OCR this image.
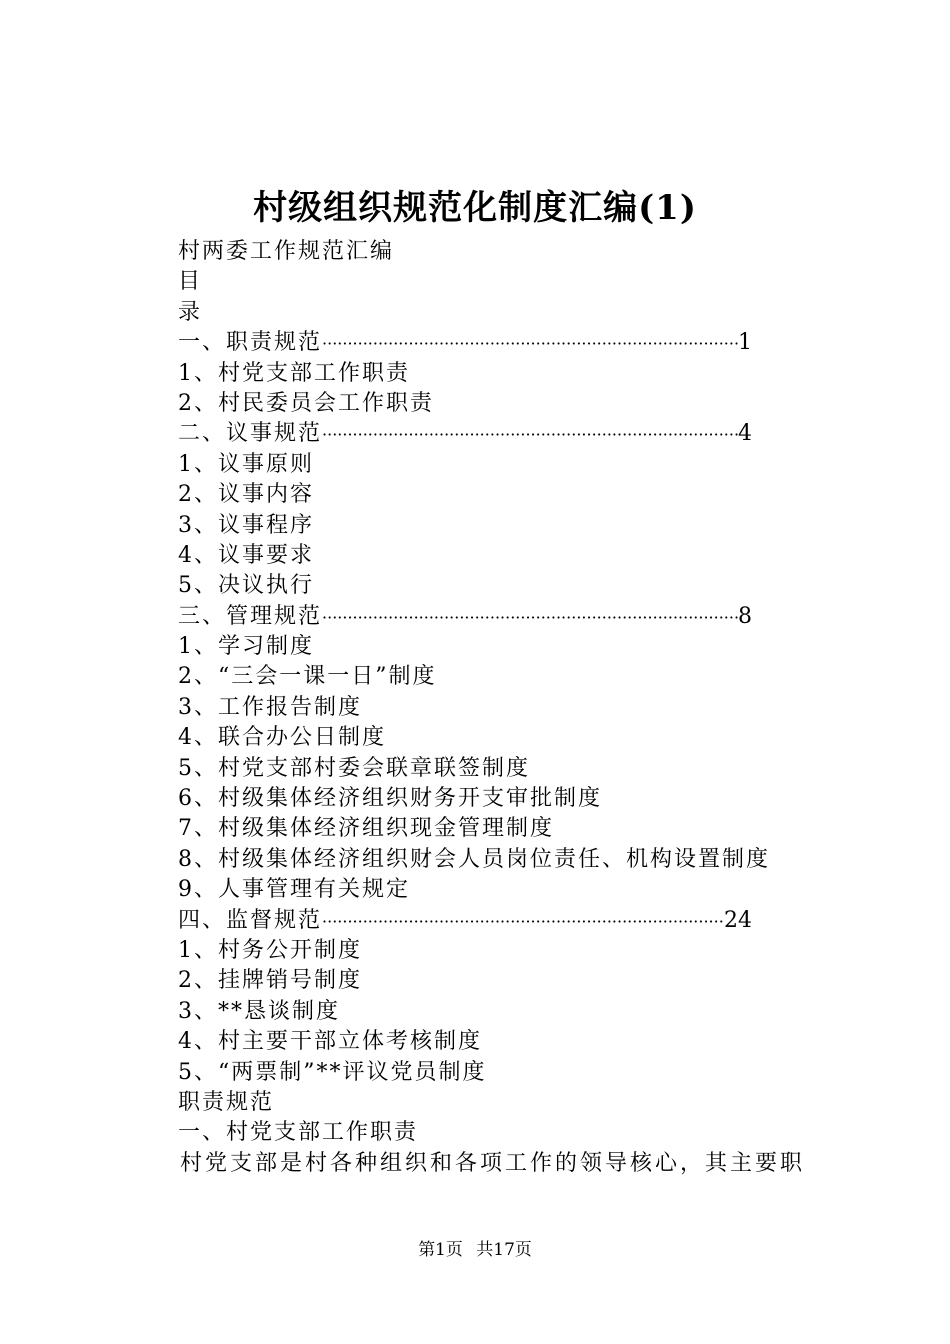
村级组织规范化制度汇编(1)
村两委工作规范汇编
目
录
一、职责规范 ·····	1
1、村党支部工作职责
2、村民委员会工作职责
二、议事规范 ·····	4
1、议事原则
2、议事内容
3、议事程序
4、议事要求
5、决议执行
三、管理规范 ·····	8
1、学习制度
2、“三会一课一日”制度
3、工作报告制度
4、联合办公日制度
5、村党支部村委会联章联签制度
6、村级集体经济组织财务开支审批制度
7、村级集体经济组织现金管理制度
8、村级集体经济组织财会人员岗位责任、机构设置制度
9、人事管理有关规定
四、监督规范 ·····	24
1、村务公开制度
2、挂牌销号制度
3、**恳谈制度
4、村主要干部立体考核制度
5、“两票制”**评议党员制度
职责规范
一、村党支部工作职责
村党支部是村各种组织和各项工作的领导核心，其主要职
第1页 共17页
